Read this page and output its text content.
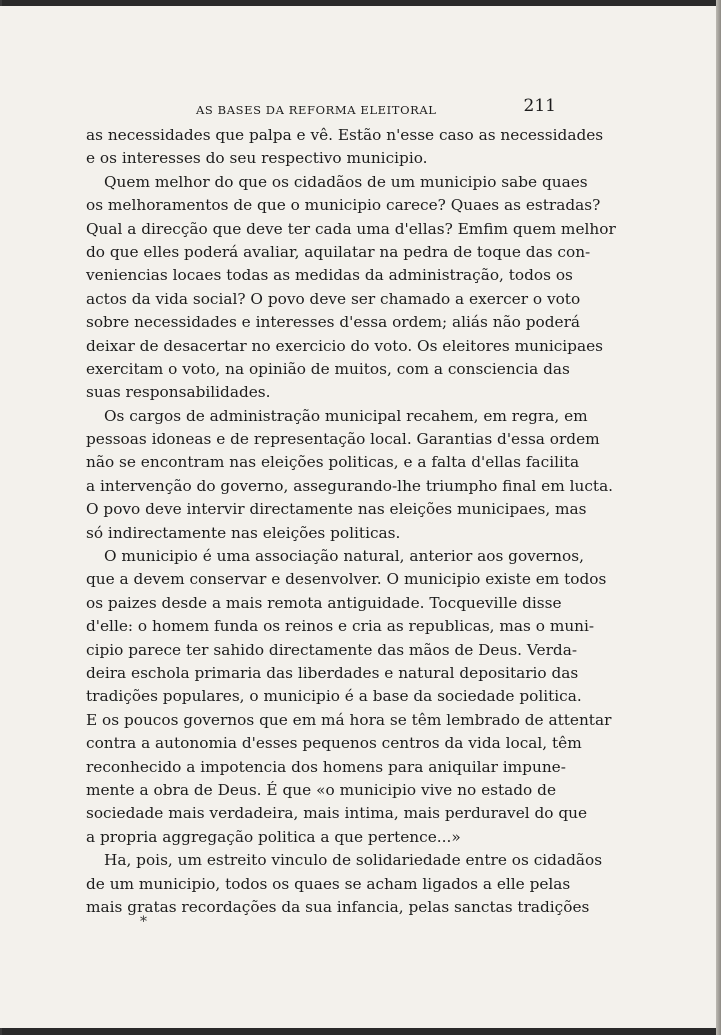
AS BASES DA REFORMA ELEITORAL	211
as necessidades que palpa e vê. Estão n'esse caso as necessidades
e os interesses do seu respectivo municipio.
Quem melhor do que os cidadãos de um municipio sabe quaes
os melhoramentos de que o municipio carece? Quaes as estradas?
Qual a direcção que deve ter cada uma d'ellas? Emfim quem melhor
do que elles poderá avaliar, aquilatar na pedra de toque das con-
veniencias locaes todas as medidas da administração, todos os
actos da vida social? O povo deve ser chamado a exercer o voto
sobre necessidades e interesses d'essa ordem; aliás não poderá
deixar de desacertar no exercicio do voto. Os eleitores municipaes
exercitam o voto, na opinião de muitos, com a consciencia das
suas responsabilidades.
Os cargos de administração municipal recahem, em regra, em
pessoas idoneas e de representação local. Garantias d'essa ordem
não se encontram nas eleições politicas, e a falta d'ellas facilita
a intervenção do governo, assegurando-lhe triumpho final em lucta.
O povo deve intervir directamente nas eleições municipaes, mas
só indirectamente nas eleições politicas.
O municipio é uma associação natural, anterior aos governos,
que a devem conservar e desenvolver. O municipio existe em todos
os paizes desde a mais remota antiguidade. Tocqueville disse
d'elle: o homem funda os reinos e cria as republicas, mas o muni-
cipio parece ter sahido directamente das mãos de Deus. Verda-
deira eschola primaria das liberdades e natural depositario das
tradições populares, o municipio é a base da sociedade politica.
E os poucos governos que em má hora se têm lembrado de attentar
contra a autonomia d'esses pequenos centros da vida local, têm
reconhecido a impotencia dos homens para aniquilar impune-
mente a obra de Deus. É que «o municipio vive no estado de
sociedade mais verdadeira, mais intima, mais perduravel do que
a propria aggregação politica a que pertence...»
Ha, pois, um estreito vinculo de solidariedade entre os cidadãos
de um municipio, todos os quaes se acham ligados a elle pelas
mais gratas recordações da sua infancia, pelas sanctas tradições
*
